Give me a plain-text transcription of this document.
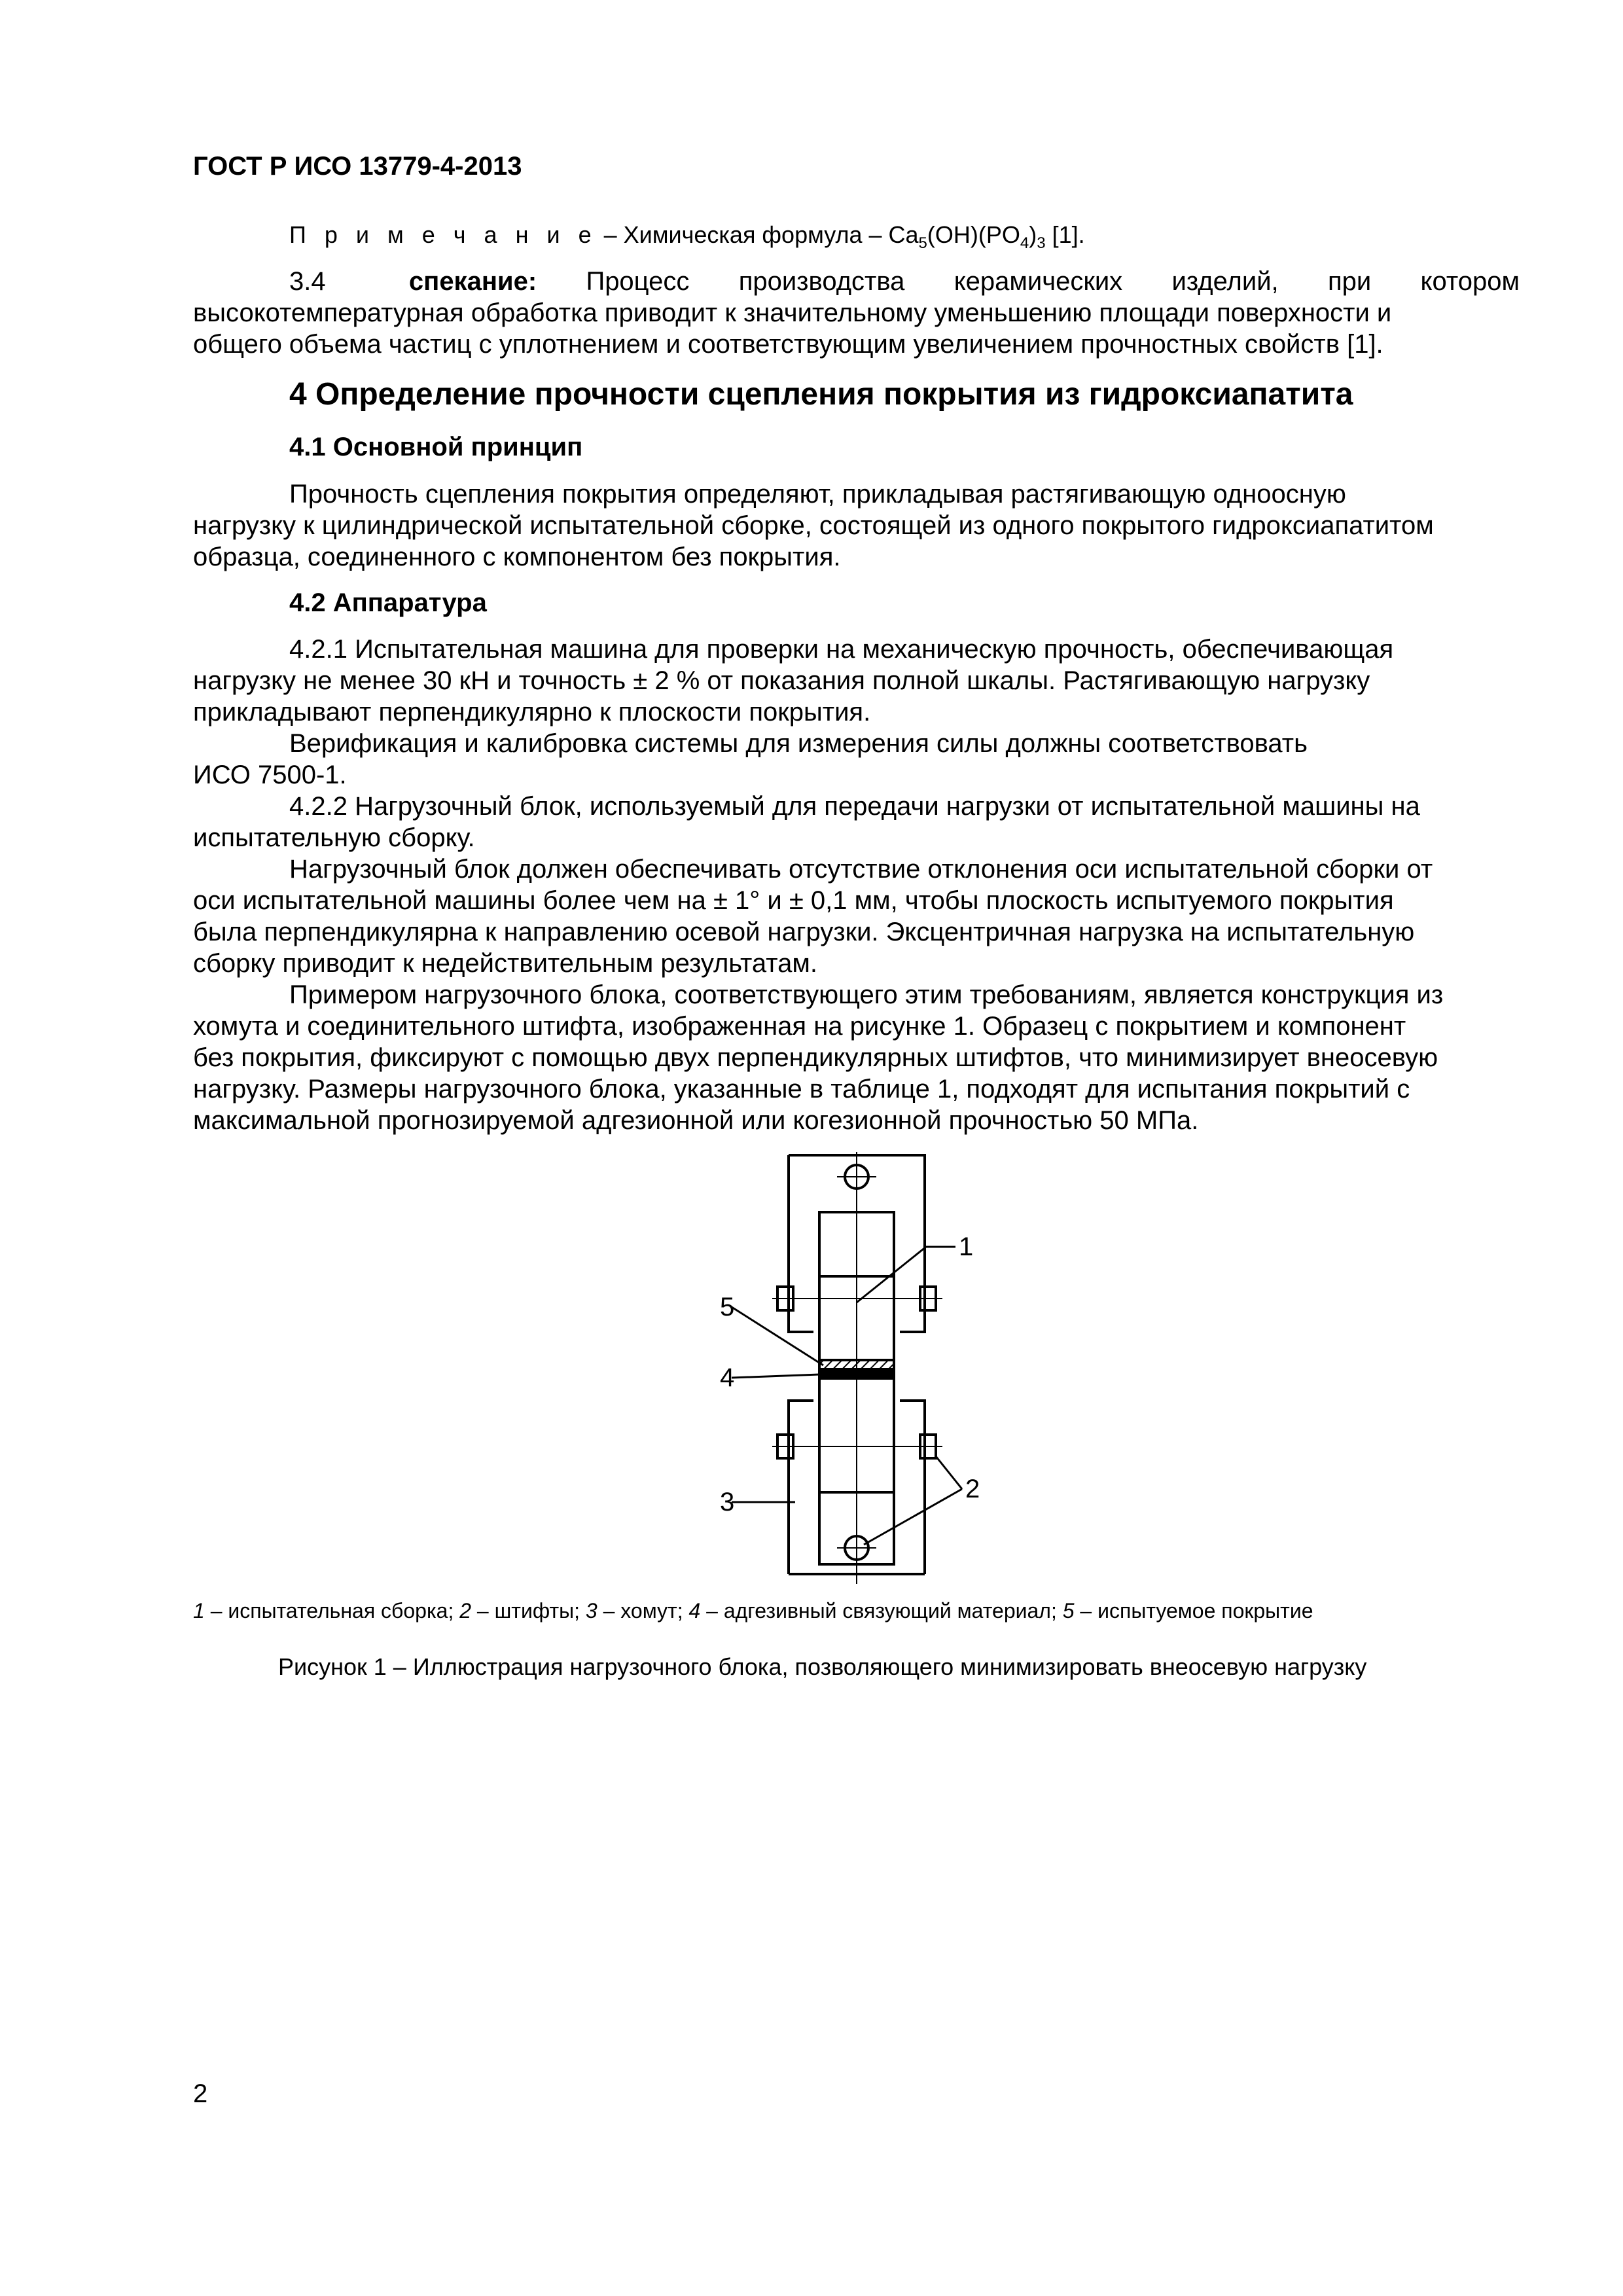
ГОСТ Р ИСО 13779-4-2013
П р и м е ч а н и е – Химическая формула – $Ca_5(OH)(PO_4)_3$ [1].
3.4	спекание: Процесс производства керамических изделий, при котором
высокотемпературная обработка приводит к значительному уменьшению площади поверхности и
общего объема частиц с уплотнением и соответствующим увеличением прочностных свойств [1].
4 Определение прочности сцепления покрытия из гидроксиапатита
4.1 Основной принцип
Прочность сцепления покрытия определяют, прикладывая растягивающую одноосную
нагрузку к цилиндрической испытательной сборке, состоящей из одного покрытого гидроксиапатитом
образца, соединенного с компонентом без покрытия.
4.2 Аппаратура
4.2.1 Испытательная машина для проверки на механическую прочность, обеспечивающая
нагрузку не менее 30 кН и точность ± 2 % от показания полной шкалы. Растягивающую нагрузку
прикладывают перпендикулярно к плоскости покрытия.
Верификация и калибровка системы для измерения силы должны соответствовать
ИСО 7500-1.
4.2.2 Нагрузочный блок, используемый для передачи нагрузки от испытательной машины на
испытательную сборку.
Нагрузочный блок должен обеспечивать отсутствие отклонения оси испытательной сборки от
оси испытательной машины более чем на ± 1° и ± 0,1 мм, чтобы плоскость испытуемого покрытия
была перпендикулярна к направлению осевой нагрузки. Эксцентричная нагрузка на испытательную
сборку приводит к недействительным результатам.
Примером нагрузочного блока, соответствующего этим требованиям, является конструкция из
хомута и соединительного штифта, изображенная на рисунке 1. Образец с покрытием и компонент
без покрытия, фиксируют с помощью двух перпендикулярных штифтов, что минимизирует внеосевую
нагрузку. Размеры нагрузочного блока, указанные в таблице 1, подходят для испытания покрытий с
максимальной прогнозируемой адгезионной или когезионной прочностью 50 МПа.
1
5
4
3	2
1 – испытательная сборка; 2 – штифты; 3 – хомут; 4 – адгезивный связующий материал; 5 – испытуемое покрытие
Рисунок 1 – Иллюстрация нагрузочного блока, позволяющего минимизировать внеосевую нагрузку
2
